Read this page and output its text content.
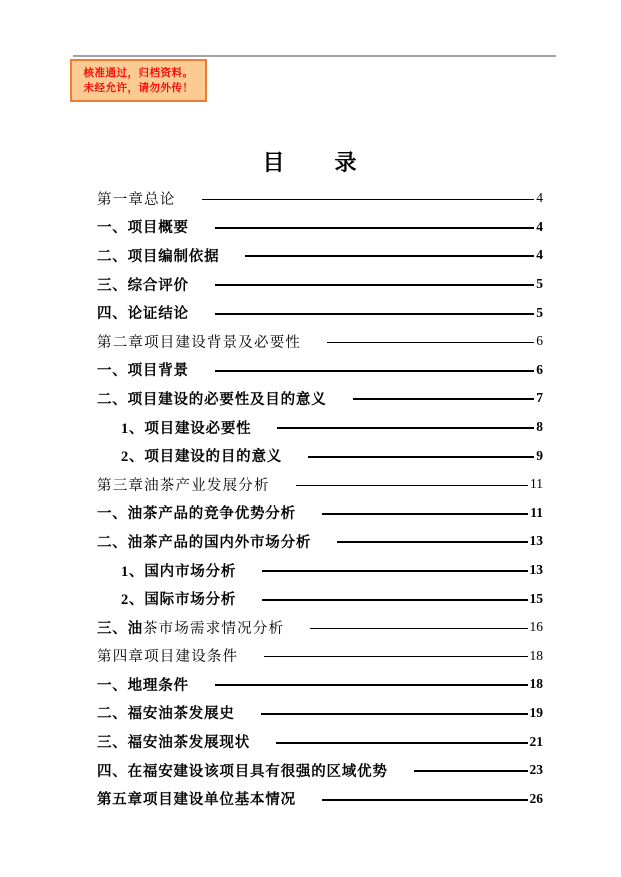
核准通过，归档资料。
未经允许，请勿外传！
目　　录
第一章总论	4
一、项目概要	4
二、项目编制依据	4
三、综合评价	5
四、论证结论	5
第二章项目建设背景及必要性	6
一、项目背景	6
二、项目建设的必要性及目的意义	7
1、项目建设必要性	8
2、项目建设的目的意义	9
第三章油茶产业发展分析	11
一、油茶产品的竞争优势分析	11
二、油茶产品的国内外市场分析	13
1、国内市场分析	13
2、国际市场分析	15
三、油 茶市场需求情况分析	16
第四章项目建设条件	18
一、地理条件	18
二、福安油茶发展史	19
三、福安油茶发展现状	21
四、在福安建设该项目具有很强的区域优势	23
第五章项目建设单位基本情况	26
